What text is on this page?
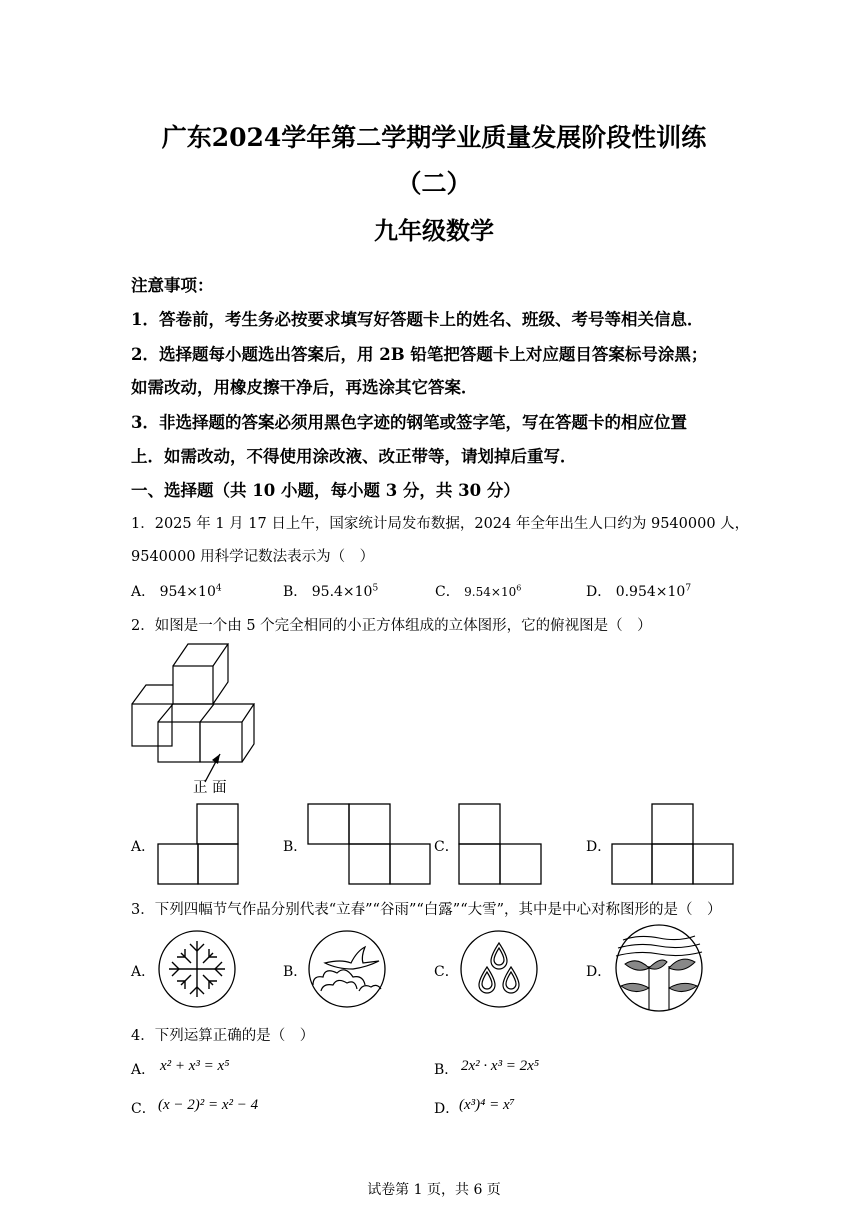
广东2024学年第二学期学业质量发展阶段性训练
（二）
九年级数学
注意事项：
1．答卷前，考生务必按要求填写好答题卡上的姓名、班级、考号等相关信息．
2．选择题每小题选出答案后，用 2B 铅笔把答题卡上对应题目答案标号涂黑；
如需改动，用橡皮擦干净后，再选涂其它答案．
3．非选择题的答案必须用黑色字迹的钢笔或签字笔，写在答题卡的相应位置
上．如需改动，不得使用涂改液、改正带等，请划掉后重写．
一、选择题（共 10 小题，每小题 3 分，共 30 分）
1．2025 年 1 月 17 日上午，国家统计局发布数据，2024 年全年出生人口约为 9540000 人，
9540000 用科学记数法表示为（　）
A． $954\times 10^4$	B． $95.4\times 10^5$	C． $9.54\times 10^6$	D． $0.954\times 10^7$
2．如图是一个由 5 个完全相同的小正方体组成的立体图形，它的俯视图是（　）
正 面
A．	B．	C．	D．
3．下列四幅节气作品分别代表“立春”“谷雨”“白露”“大雪”，其中是中心对称图形的是（　）
A．	B．	C．	D．
4．下列运算正确的是（　）
A． x² + x³ = x⁵	B． 2x² · x³ = 2x⁵
C． (x − 2)² = x² − 4	D． (x³)⁴ = x⁷
试卷第 1 页，共 6 页
